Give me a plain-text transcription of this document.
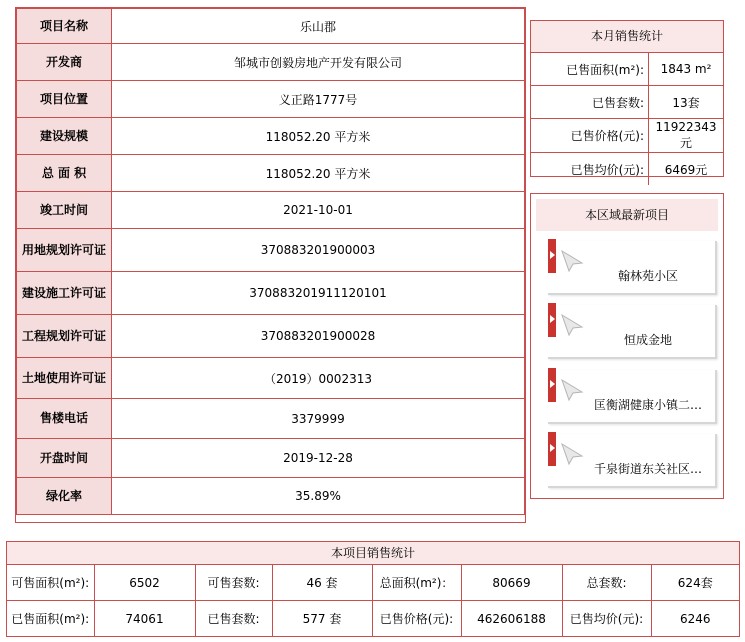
项目名称	乐山郡

开发商	邹城市创毅房地产开发有限公司

项目位置	义正路1777号

建设规模	118052.20 平方米

总 面 积	118052.20 平方米

竣工时间	2021-10-01

用地规划许可证	370883201900003

建设施工许可证	370883201911120101

工程规划许可证	370883201900028

土地使用许可证	（2019）0002313

售楼电话	3379999

开盘时间	2019-12-28

绿化率	35.89%
本月销售统计
已售面积(m²):	1843 m²
已售套数:	13套
已售价格(元):	11922343元
已售均价(元):	6469元
本区域最新项目
翰林苑小区
恒成金地
匡衡湖健康小镇二…
千泉街道东关社区…
本项目销售统计
可售面积(m²):	6502	可售套数:	46 套	总面积(m²)：	80669	总套数:	624套
已售面积(m²):	74061	已售套数:	577 套	已售价格(元):	462606188	已售均价(元):	6246
